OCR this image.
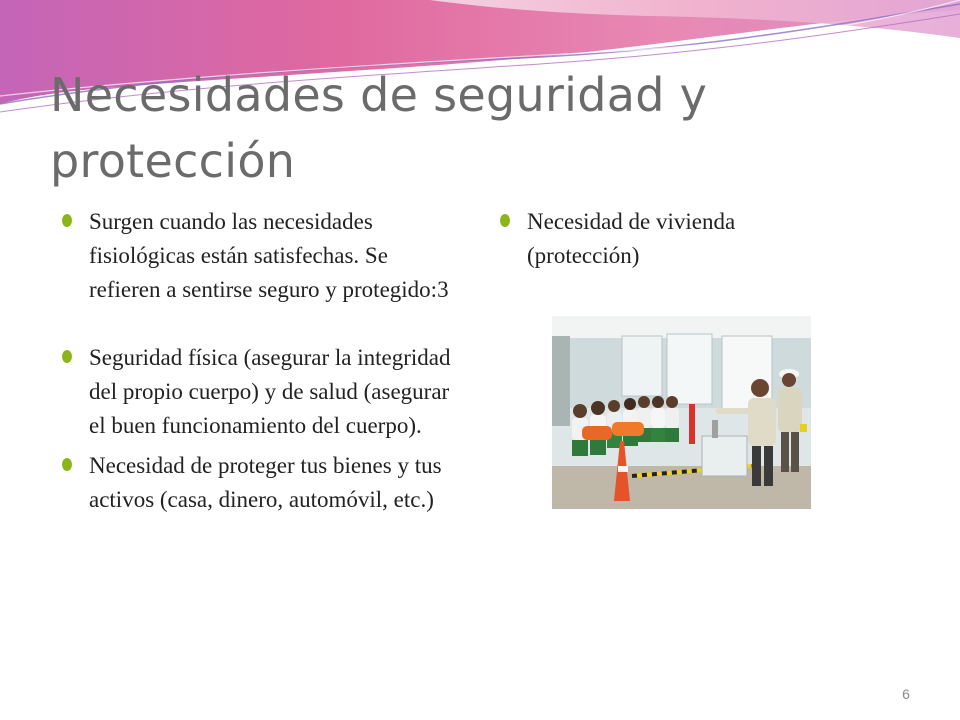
Necesidades de seguridad y protección
Surgen cuando las necesidades fisiológicas están satisfechas. Se refieren a sentirse seguro y protegido:3
Seguridad física (asegurar la integridad del propio cuerpo) y de salud (asegurar el buen funcionamiento del cuerpo).
Necesidad de proteger tus bienes y tus activos (casa, dinero, automóvil, etc.)
Necesidad de vivienda (protección)
6
